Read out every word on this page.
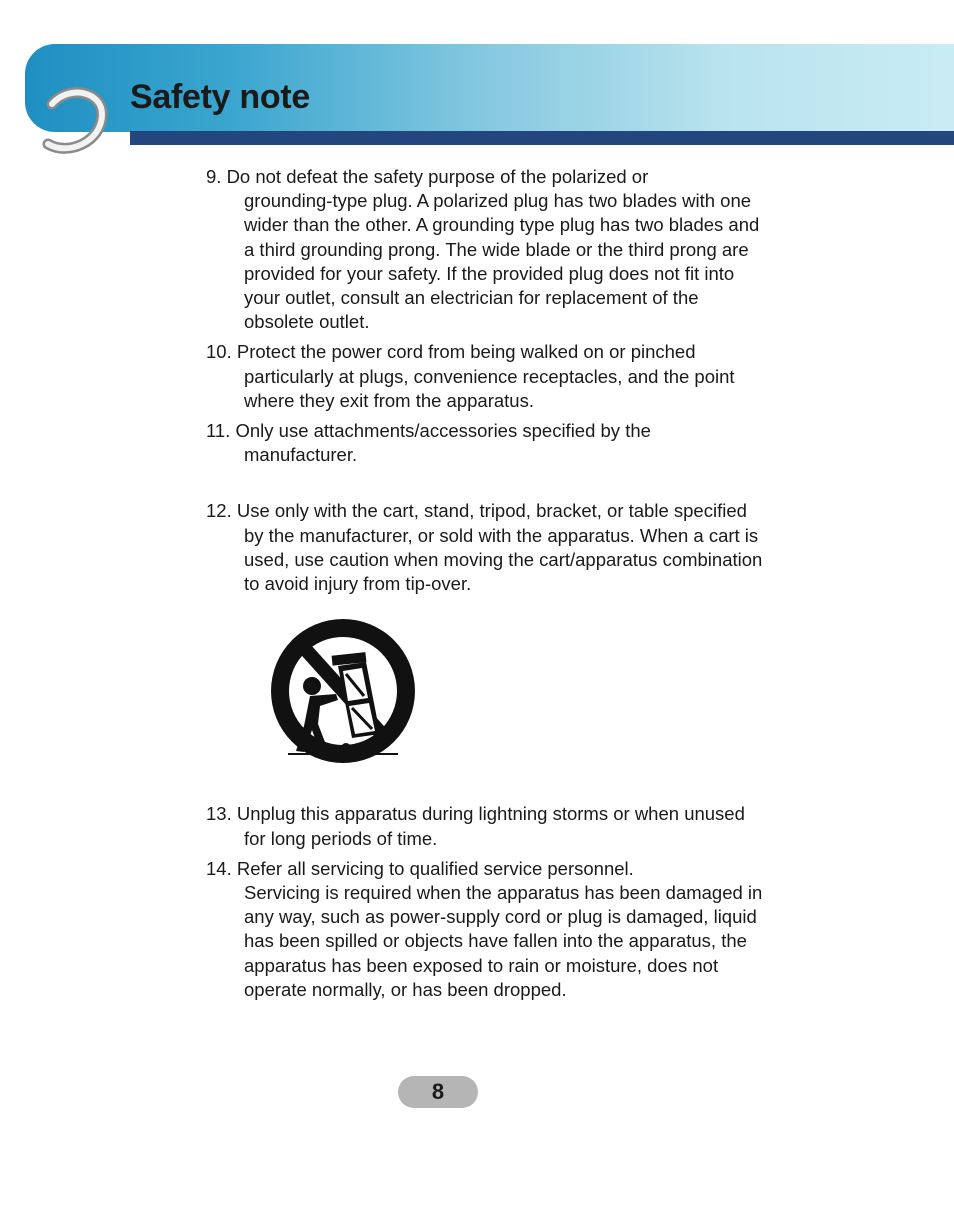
Safety note
9. Do not defeat the safety purpose of the polarized or
grounding-type plug. A polarized plug has two blades with one
wider than the other. A grounding type plug has two blades and
a third grounding prong. The wide blade or the third prong are
provided for your safety. If the provided plug does not fit into
your outlet, consult an electrician for replacement of the
obsolete outlet.
10. Protect the power cord from being walked on or pinched
particularly at plugs, convenience receptacles, and the point
where they exit from the apparatus.
11. Only use attachments/accessories specified by the
manufacturer.
12. Use only with the cart, stand, tripod, bracket, or table specified
by the manufacturer, or sold with the apparatus. When a cart is
used, use caution when moving the cart/apparatus combination
to avoid injury from tip-over.
13. Unplug this apparatus during lightning storms or when unused
for long periods of time.
14. Refer all servicing to qualified service personnel.
Servicing is required when the apparatus has been damaged in
any way, such as power-supply cord or plug is damaged, liquid
has been spilled or objects have fallen into the apparatus, the
apparatus has been exposed to rain or moisture, does not
operate normally, or has been dropped.
8
